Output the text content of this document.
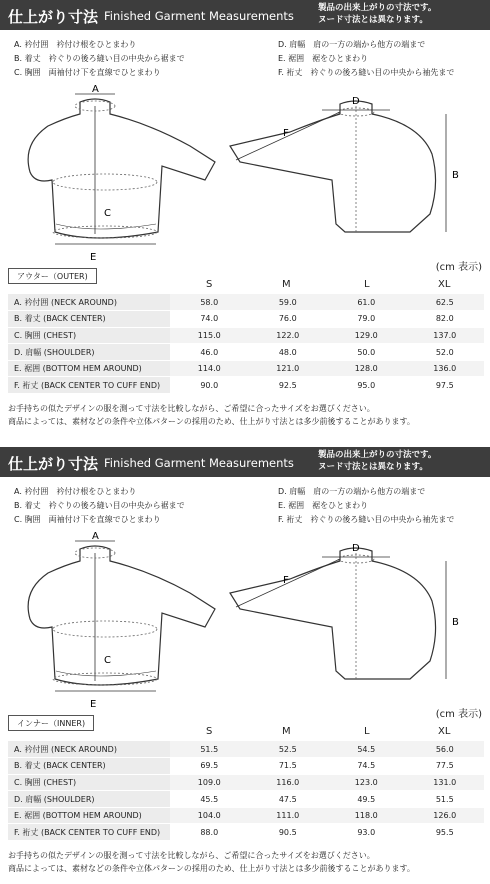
仕上がり寸法 Finished Garment Measurements
製品の出来上がりの寸法です。
ヌード寸法とは異なります。
A. 衿付囲　衿付け根をひとまわり
B. 着丈　衿ぐりの後ろ縫い目の中央から裾まで
C. 胸囲　両袖付け下を直線でひとまわり
D. 肩幅　肩の一方の端から他方の端まで
E. 裾囲　裾をひとまわり
F. 裄丈　衿ぐりの後ろ縫い目の中央から袖先まで
A
B
C
D
E
F
(cm 表示)
アウター（OUTER)
S	M	L	XL
A. 衿付囲 (NECK AROUND)	58.0	59.0	61.0	62.5
B. 着丈 (BACK CENTER)	74.0	76.0	79.0	82.0
C. 胸囲 (CHEST)	115.0	122.0	129.0	137.0
D. 肩幅 (SHOULDER)	46.0	48.0	50.0	52.0
E. 裾囲 (BOTTOM HEM AROUND)	114.0	121.0	128.0	136.0
F. 裄丈 (BACK CENTER TO CUFF END)	90.0	92.5	95.0	97.5
お手持ちの似たデザインの服を測って寸法を比較しながら、ご希望に合ったサイズをお選びください。
商品によっては、素材などの条件や立体パターンの採用のため、仕上がり寸法とは多少前後することがあります。
仕上がり寸法 Finished Garment Measurements
製品の出来上がりの寸法です。
ヌード寸法とは異なります。
A. 衿付囲　衿付け根をひとまわり
B. 着丈　衿ぐりの後ろ縫い目の中央から裾まで
C. 胸囲　両袖付け下を直線でひとまわり
D. 肩幅　肩の一方の端から他方の端まで
E. 裾囲　裾をひとまわり
F. 裄丈　衿ぐりの後ろ縫い目の中央から袖先まで
A
B
C
D
E
F
(cm 表示)
インナー（INNER)
S	M	L	XL
A. 衿付囲 (NECK AROUND)	51.5	52.5	54.5	56.0
B. 着丈 (BACK CENTER)	69.5	71.5	74.5	77.5
C. 胸囲 (CHEST)	109.0	116.0	123.0	131.0
D. 肩幅 (SHOULDER)	45.5	47.5	49.5	51.5
E. 裾囲 (BOTTOM HEM AROUND)	104.0	111.0	118.0	126.0
F. 裄丈 (BACK CENTER TO CUFF END)	88.0	90.5	93.0	95.5
お手持ちの似たデザインの服を測って寸法を比較しながら、ご希望に合ったサイズをお選びください。
商品によっては、素材などの条件や立体パターンの採用のため、仕上がり寸法とは多少前後することがあります。
